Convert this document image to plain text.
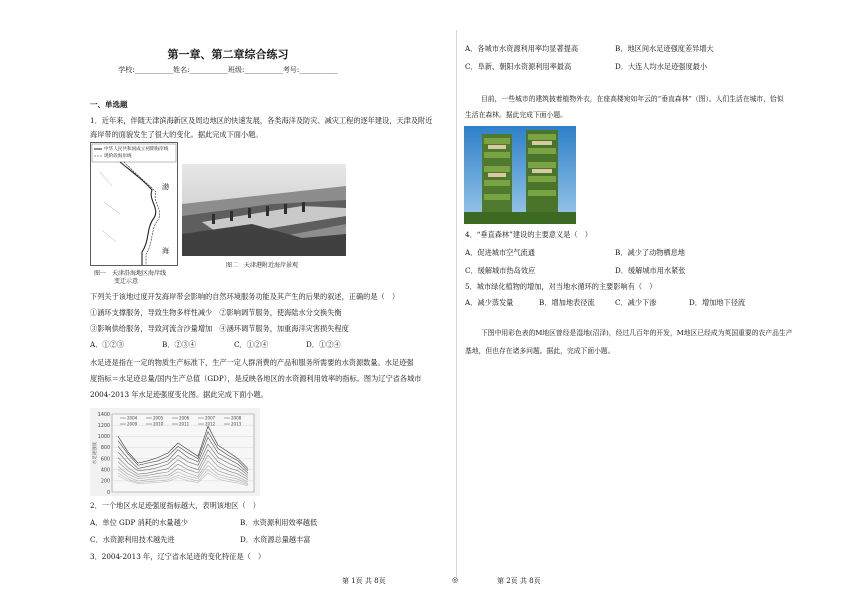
第一章、第二章综合练习
学校:___________姓名:___________班级:___________考号:___________
一、单选题
1．近年来，伴随天津滨海新区及周边地区的快速发展，各类海洋及防灾、减灾工程的逐年建设，天津及附近
海岸带的面貌发生了很大的变化。据此完成下面小题。
中华人民共和国成立初期海岸线
现阶段海岸线
渤
海
图一　天津沿海地区海岸线
变迁示意
图二　天津港附近海岸景观
下列关于该地过度开发海岸带会影响的自然环境服务功能及其产生的后果的叙述，正确的是（　）
①涵环支撑服务，导致生物多样性减少　②影响调节服务，使海陆水分交换失衡
③影响供给服务，导致河流含沙量增加　④涵环调节服务，加重海洋灾害损失程度
A．①②③	B．②③④	C．①②④	D．①②④
水足迹是指在一定的物质生产标准下，生产一定人群消费的产品和服务所需要的水资源数量。水足迹强
度指标＝水足迹总量/国内生产总值（GDP），是反映各地区的水资源利用效率的指标。图为辽宁省各城市
2004-2013 年水足迹强度变化图。据此完成下面小题。
1400
1200
1000
800
600
400
200
0
水足迹强度
2004	2005	2006	2007	2008
2009	2010	2011	2012	2013
2．一个地区水足迹强度指标越大，表明该地区（　）
A．单位 GDP 消耗的水量越少	B．水资源利用效率越低
C．水资源利用技术越先进	D．水资源总量越丰富
3．2004-2013 年，辽宁省水足迹的变化特征是（　）
第 1页 共 8页	◎
A．各城市水资源利用率均显著提高	B．地区间水足迹强度差异增大
C．阜新、朝阳水资源利用率最高	D．大连人均水足迹强度最小
目前，一些城市的建筑披着植物外衣，在座高楼宛如年云的“垂直森林”（图）。人们生活在城市，恰似
生活在森林。据此完成下面小题。
4．“垂直森林”建设的主要意义是（　）
A．促进城市空气流通	B．减少了动物栖息地
C．缓解城市热岛效应	D．缓解城市用水紧张
5．城市绿化植物的增加，对当地水循环的主要影响有（　）
A．减少蒸发量	B．增加地表径流	C．减少下渗	D．增加地下径流
下图中用彩色表的M地区曾经是湿地(沼泽)，经过几百年的开发，M地区已经成为英国重要的农产品生产
基地，但也存在诸多问题。据此，完成下面小题。
第 2页 共 8页
